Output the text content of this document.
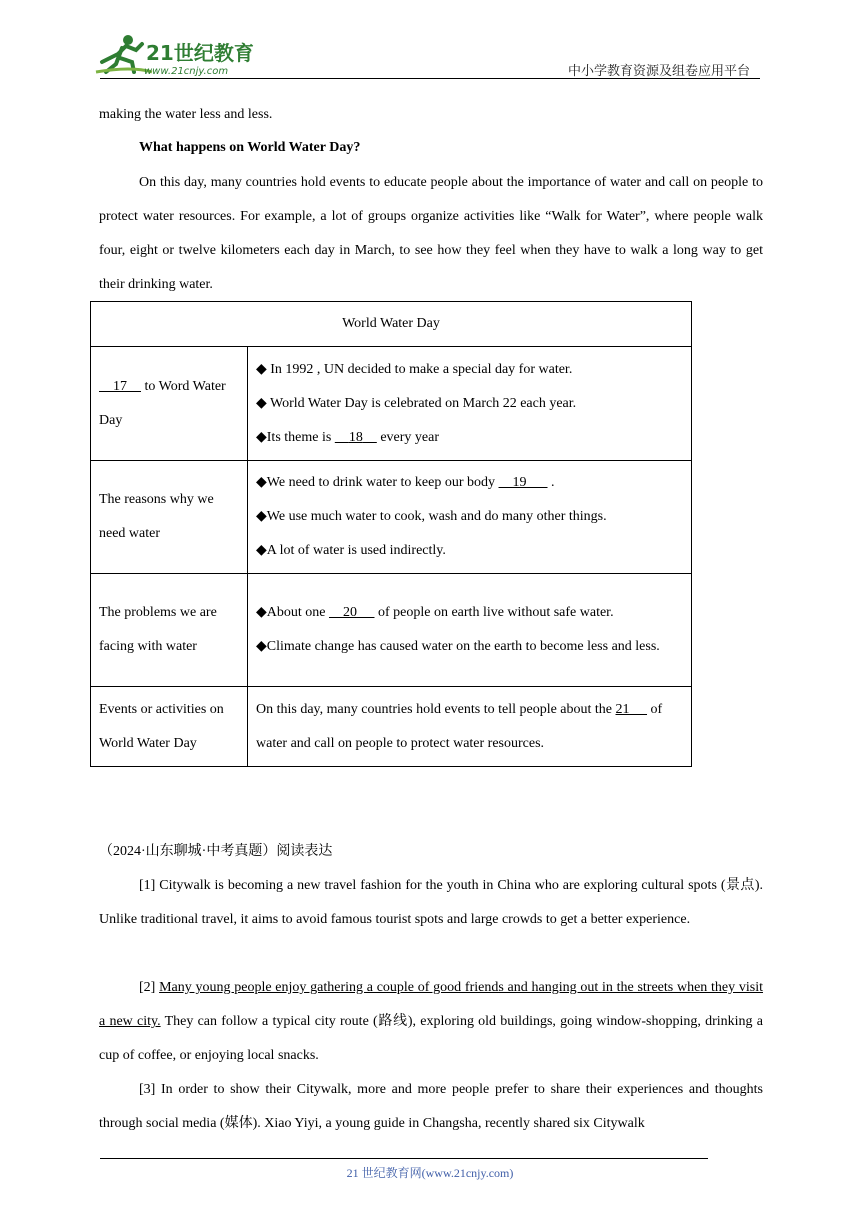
21世纪教育
www.21cnjy.com	中小学教育资源及组卷应用平台
making the water less and less.
What happens on World Water Day?
On this day, many countries hold events to educate people about the importance of water and call on people to protect water resources. For example, a lot of groups organize activities like “Walk for Water”, where people walk four, eight or twelve kilometers each day in March, to see how they feel when they have to walk a long way to get their drinking water.
World Water Day	
17     to Word Water Day	◆ In 1992 , UN decided to make a special day for water.
◆ World Water Day is celebrated on March 22 each year.
◆Its theme is     18     every year

The reasons why we need water	◆We need to drink water to keep our body     19       .
◆We use much water to cook, wash and do many other things.
◆A lot of water is used indirectly.

The problems we are facing with water	◆About one     20      of people on earth live without safe water.
◆Climate change has caused water on the earth to become less and less.

Events or activities on World Water Day	On this day, many countries hold events to tell people about the 21      of water and call on people to protect water resources.
（2024·山东聊城·中考真题）阅读表达
[1] Citywalk is becoming a new travel fashion for the youth in China who are exploring cultural spots (景点). Unlike traditional travel, it aims to avoid famous tourist spots and large crowds to get a better experience.
[2] Many young people enjoy gathering a couple of good friends and hanging out in the streets when they visit a new city. They can follow a typical city route (路线), exploring old buildings, going window-shopping, drinking a cup of coffee, or enjoying local snacks.
[3] In order to show their Citywalk, more and more people prefer to share their experiences and thoughts through social media (媒体). Xiao Yiyi, a young guide in Changsha, recently shared six Citywalk
21 世纪教育网(www.21cnjy.com)
